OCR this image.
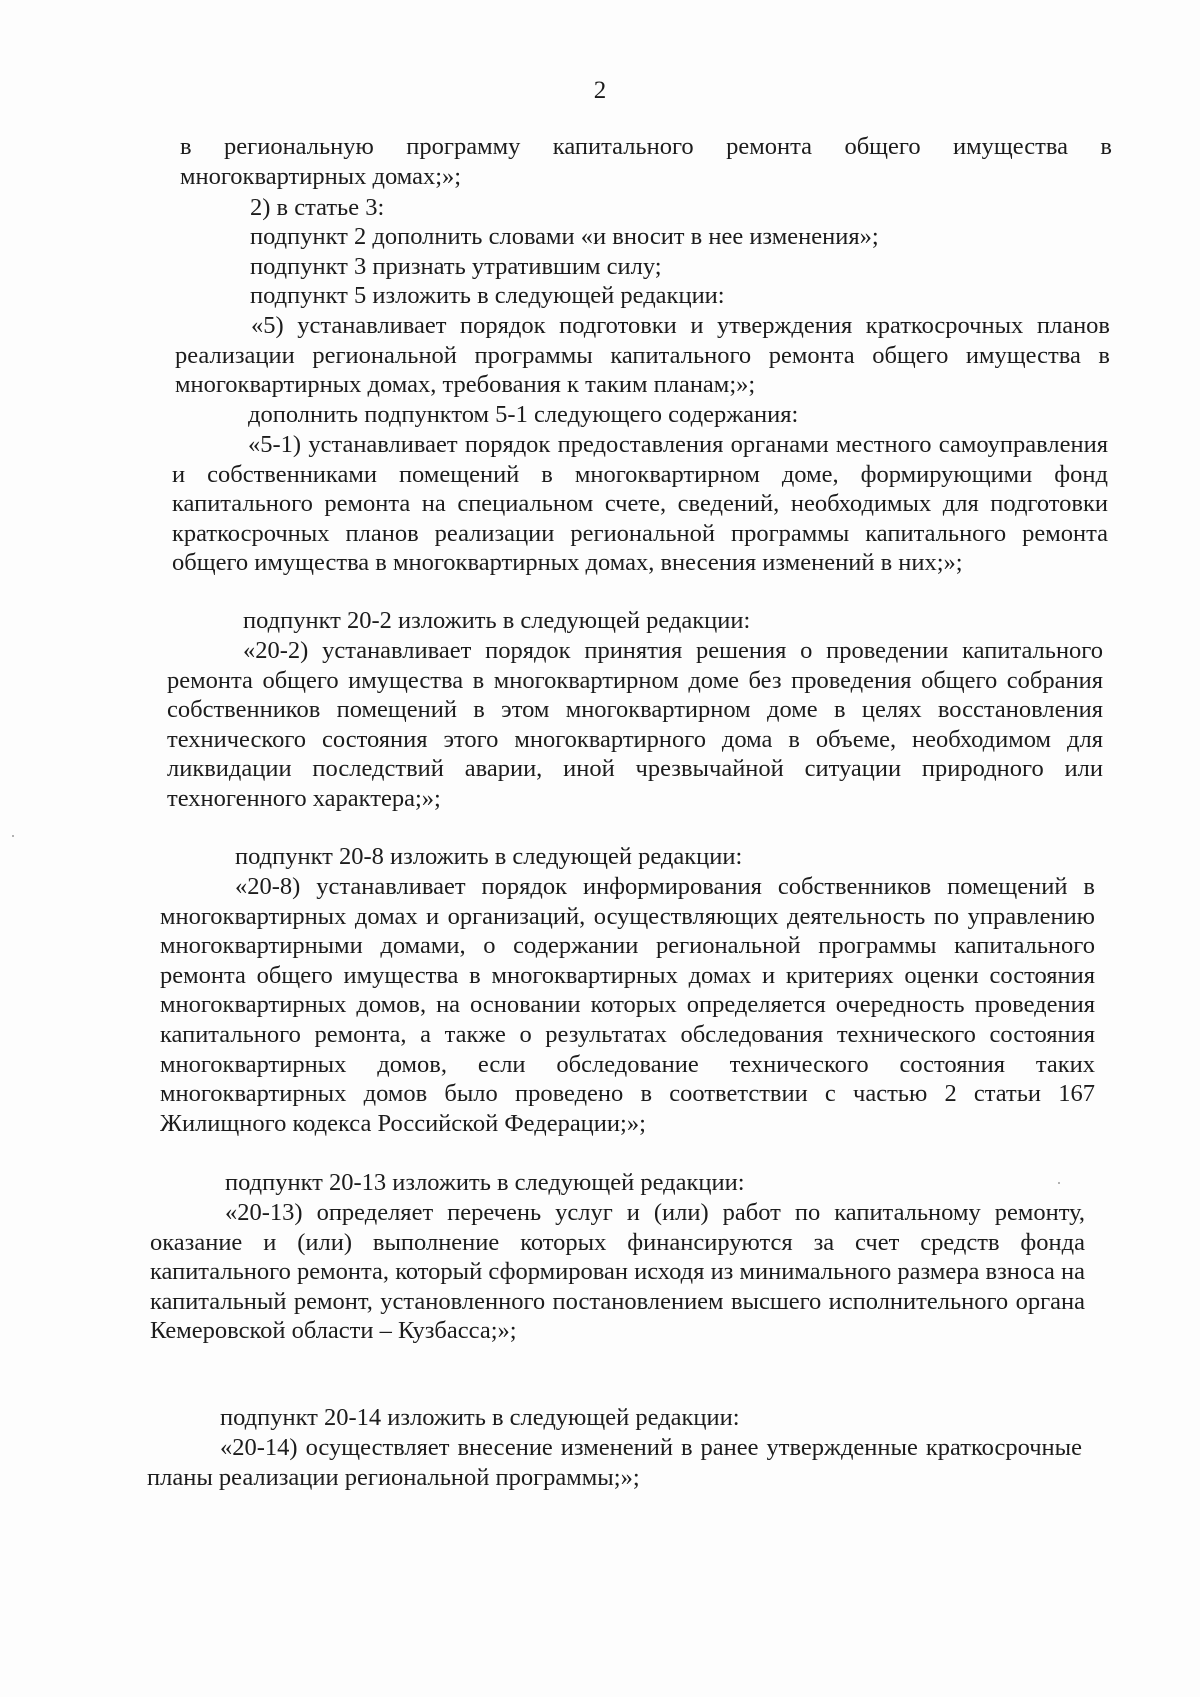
2

в региональную программу капитального ремонта общего имущества в многоквартирных домах;»;

2) в статье 3:

подпункт 2 дополнить словами «и вносит в нее изменения»;

подпункт 3 признать утратившим силу;

подпункт 5 изложить в следующей редакции:

«5) устанавливает порядок подготовки и утверждения краткосрочных планов реализации региональной программы капитального ремонта общего имущества в многоквартирных домах, требования к таким планам;»;

дополнить подпунктом 5-1 следующего содержания:

«5-1) устанавливает порядок предоставления органами местного самоуправления и собственниками помещений в многоквартирном доме, формирующими фонд капитального ремонта на специальном счете, сведений, необходимых для подготовки краткосрочных планов реализации региональной программы капитального ремонта общего имущества в многоквартирных домах, внесения изменений в них;»;

подпункт 20-2 изложить в следующей редакции:

«20-2) устанавливает порядок принятия решения о проведении капитального ремонта общего имущества в многоквартирном доме без проведения общего собрания собственников помещений в этом многоквартирном доме в целях восстановления технического состояния этого многоквартирного дома в объеме, необходимом для ликвидации последствий аварии, иной чрезвычайной ситуации природного или техногенного характера;»;

подпункт 20-8 изложить в следующей редакции:

«20-8) устанавливает порядок информирования собственников помещений в многоквартирных домах и организаций, осуществляющих деятельность по управлению многоквартирными домами, о содержании региональной программы капитального ремонта общего имущества в многоквартирных домах и критериях оценки состояния многоквартирных домов, на основании которых определяется очередность проведения капитального ремонта, а также о результатах обследования технического состояния многоквартирных домов, если обследование технического состояния таких многоквартирных домов было проведено в соответствии с частью 2 статьи 167 Жилищного кодекса Российской Федерации;»;

подпункт 20-13 изложить в следующей редакции:

«20-13) определяет перечень услуг и (или) работ по капитальному ремонту, оказание и (или) выполнение которых финансируются за счет средств фонда капитального ремонта, который сформирован исходя из минимального размера взноса на капитальный ремонт, установленного постановлением высшего исполнительного органа Кемеровской области – Кузбасса;»;

подпункт 20-14 изложить в следующей редакции:

«20-14) осуществляет внесение изменений в ранее утвержденные краткосрочные планы реализации региональной программы;»;
